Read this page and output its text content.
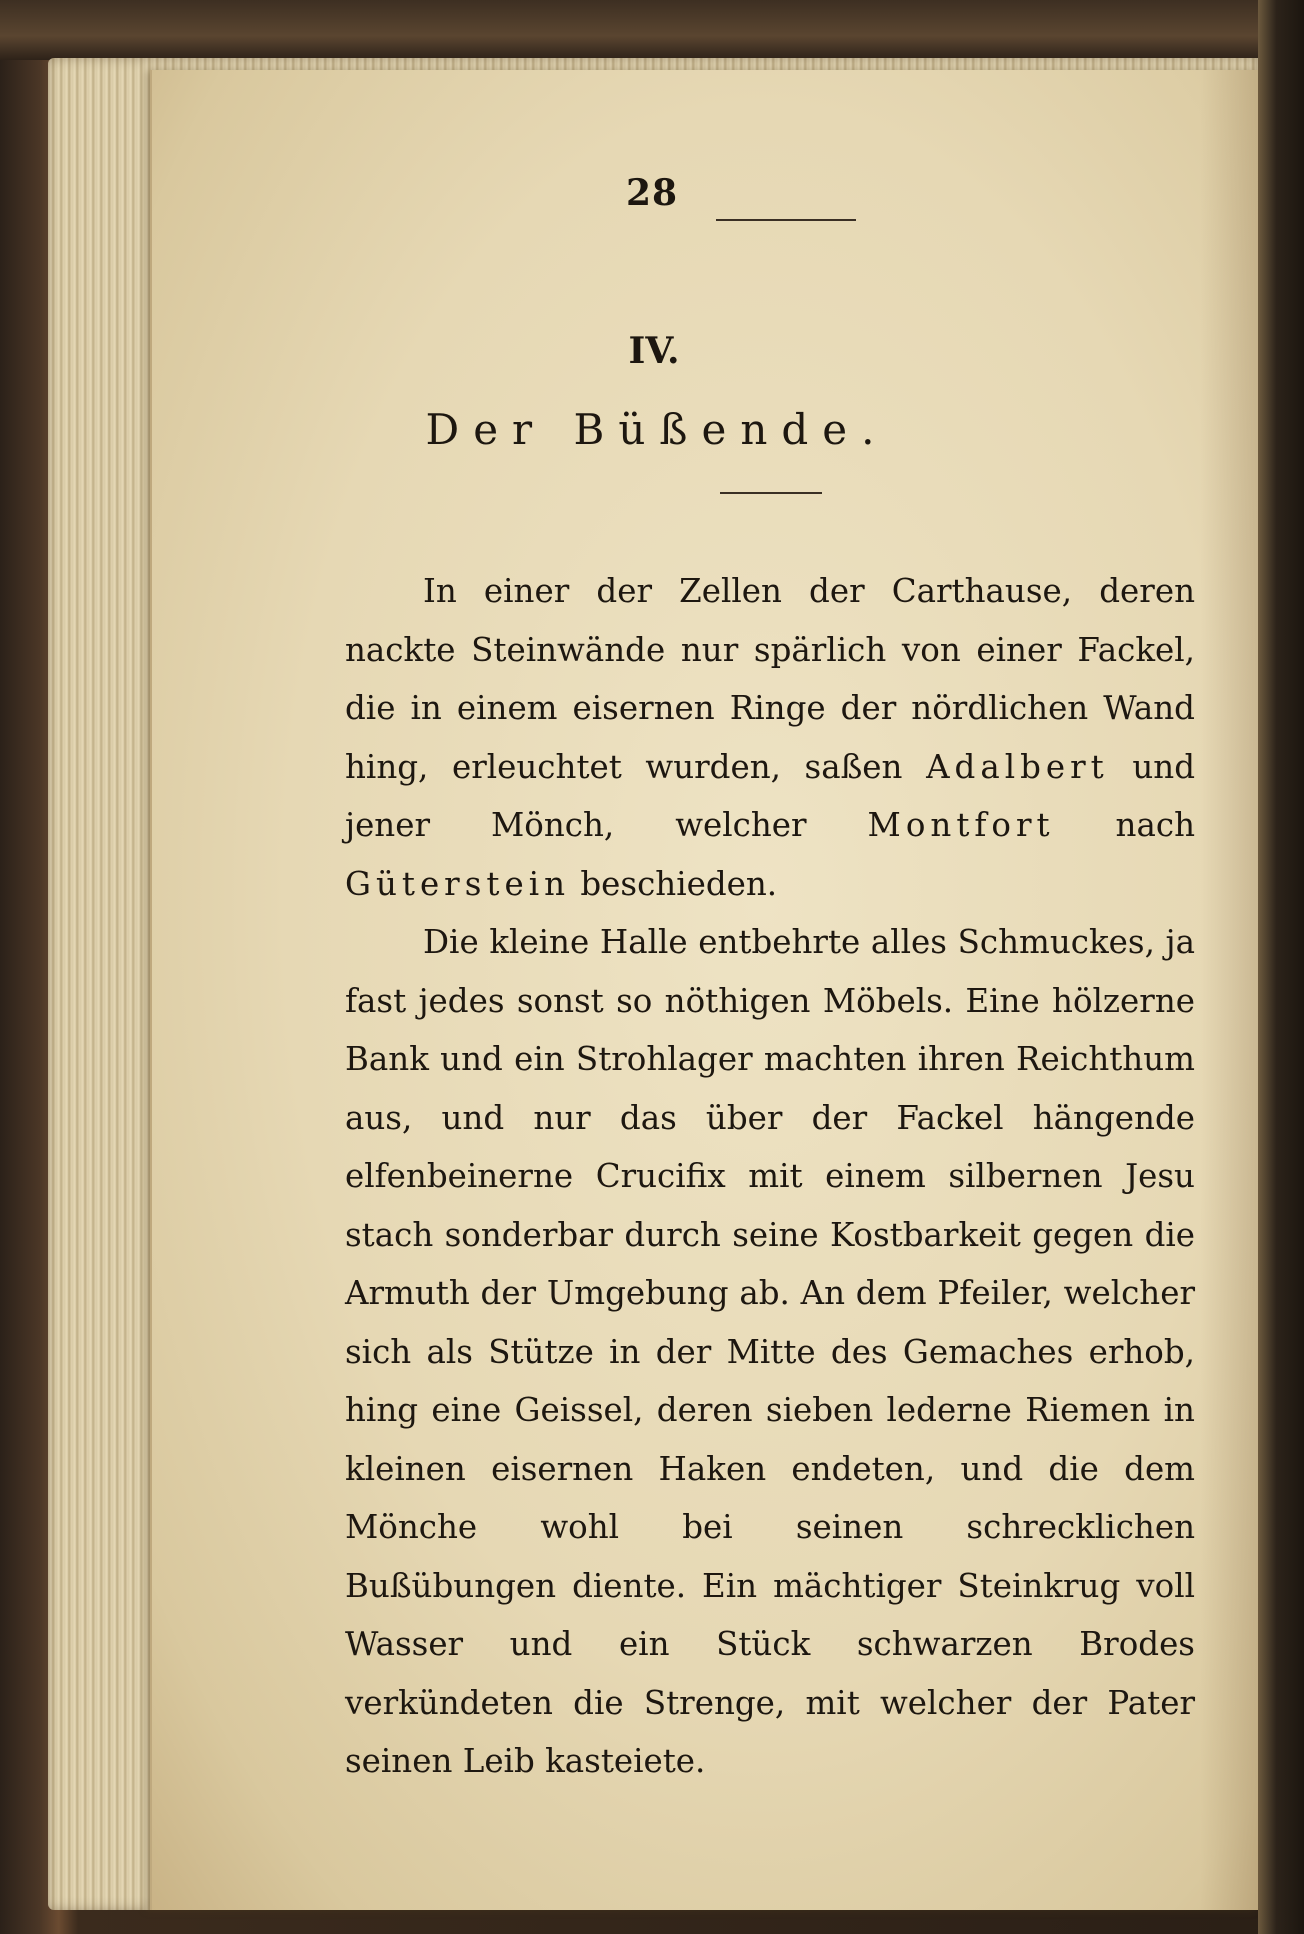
28
IV.
Der Büßende.

In einer der Zellen der Carthause, deren nackte Steinwände nur spärlich von einer Fackel, die in einem eisernen Ringe der nördlichen Wand hing, erleuchtet wurden, saßen Adalbert und jener Mönch, welcher Montfort nach Güterstein beschieden.

Die kleine Halle entbehrte alles Schmuckes, ja fast jedes sonst so nöthigen Möbels. Eine hölzerne Bank und ein Strohlager machten ihren Reichthum aus, und nur das über der Fackel hängende elfenbeinerne Crucifix mit einem silbernen Jesu stach sonderbar durch seine Kostbarkeit gegen die Armuth der Umgebung ab. An dem Pfeiler, welcher sich als Stütze in der Mitte des Gemaches erhob, hing eine Geissel, deren sieben lederne Riemen in kleinen eisernen Haken endeten, und die dem Mönche wohl bei seinen schrecklichen Bußübungen diente. Ein mächtiger Steinkrug voll Wasser und ein Stück schwarzen Brodes verkündeten die Strenge, mit welcher der Pater seinen Leib kasteiete.
